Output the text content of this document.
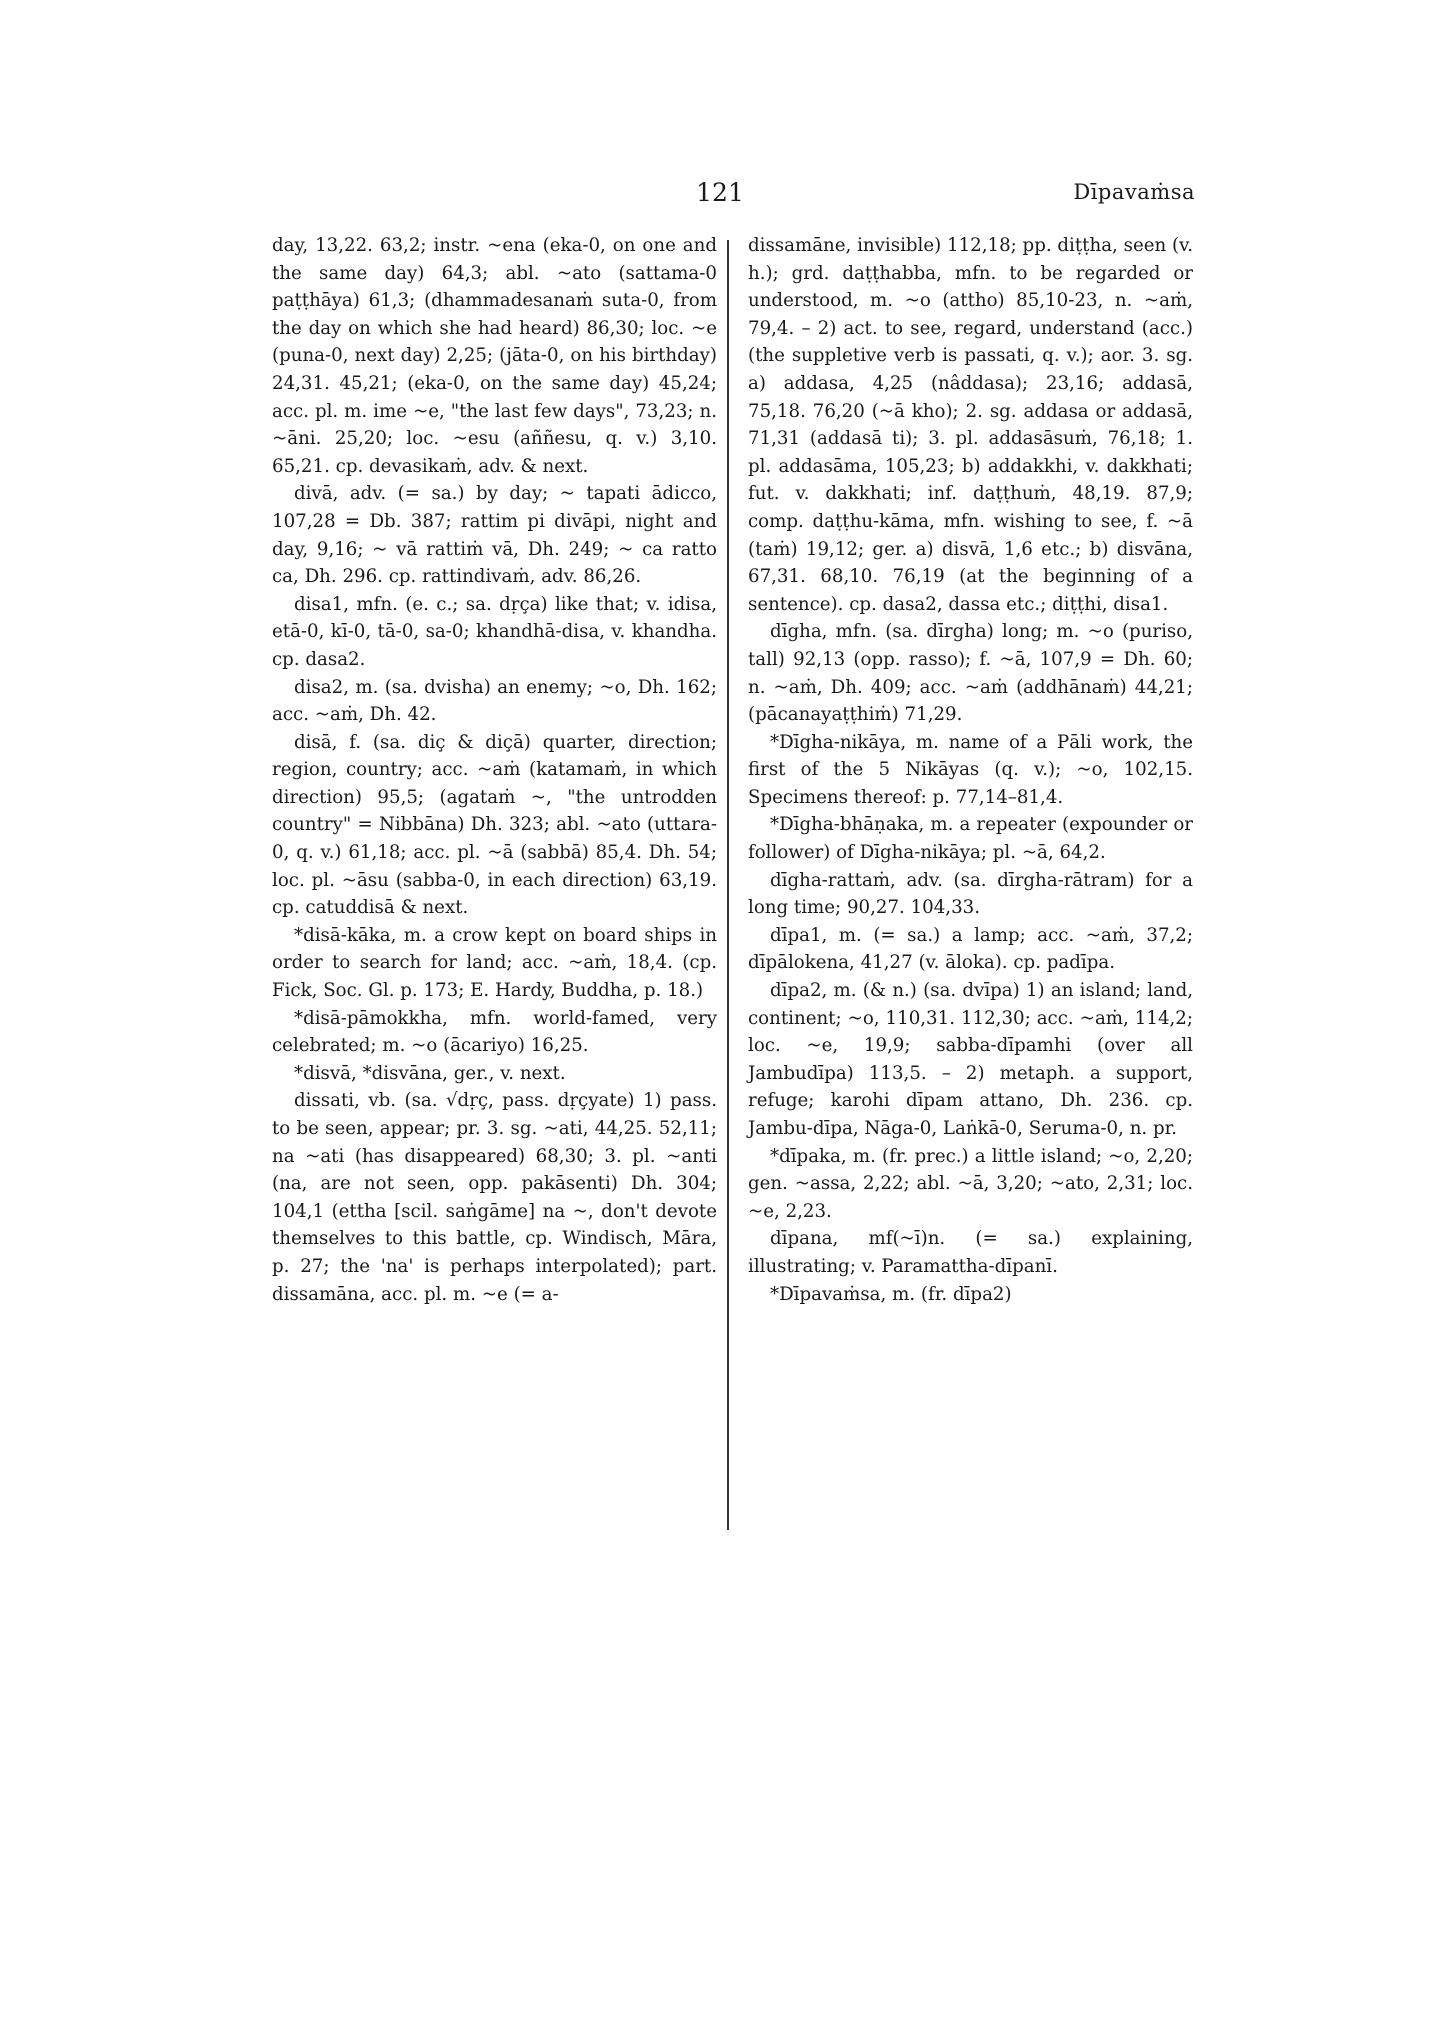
121	Dīpavaṁsa

day, 13,22. 63,2; instr. ~ena (eka-0, on one and the same day) 64,3; abl. ~ato (sattama-0 paṭṭhāya) 61,3; (dhammadesanaṁ suta-0, from the day on which she had heard) 86,30; loc. ~e (puna-0, next day) 2,25; (jāta-0, on his birthday) 24,31. 45,21; (eka-0, on the same day) 45,24; acc. pl. m. ime ~e, "the last few days", 73,23; n. ~āni. 25,20; loc. ~esu (aññesu, q. v.) 3,10. 65,21. cp. devasikaṁ, adv. & next.

divā, adv. (= sa.) by day; ~ tapati ādicco, 107,28 = Db. 387; rattim pi divāpi, night and day, 9,16; ~ vā rattiṁ vā, Dh. 249; ~ ca ratto ca, Dh. 296. cp. rattindivaṁ, adv. 86,26.

disa1, mfn. (e. c.; sa. dṛça) like that; v. idisa, etā-0, kī-0, tā-0, sa-0; khandhā-disa, v. khandha. cp. dasa2.

disa2, m. (sa. dvisha) an enemy; ~o, Dh. 162; acc. ~aṁ, Dh. 42.

disā, f. (sa. diç & diçā) quarter, direction; region, country; acc. ~aṁ (katamaṁ, in which direction) 95,5; (agataṁ ~, "the untrodden country" = Nibbāna) Dh. 323; abl. ~ato (uttara-0, q. v.) 61,18; acc. pl. ~ā (sabbā) 85,4. Dh. 54; loc. pl. ~āsu (sabba-0, in each direction) 63,19. cp. catuddisā & next.

*disā-kāka, m. a crow kept on board ships in order to search for land; acc. ~aṁ, 18,4. (cp. Fick, Soc. Gl. p. 173; E. Hardy, Buddha, p. 18.)

*disā-pāmokkha, mfn. world-famed, very celebrated; m. ~o (ācariyo) 16,25.

*disvā, *disvāna, ger., v. next.

dissati, vb. (sa. √dṛç, pass. dṛçyate) 1) pass. to be seen, appear; pr. 3. sg. ~ati, 44,25. 52,11; na ~ati (has disappeared) 68,30; 3. pl. ~anti (na, are not seen, opp. pakāsenti) Dh. 304; 104,1 (ettha [scil. saṅgāme] na ~, don't devote themselves to this battle, cp. Windisch, Māra, p. 27; the 'na' is perhaps interpolated); part. dissamāna, acc. pl. m. ~e (= a-

dissamāne, invisible) 112,18; pp. diṭṭha, seen (v. h.); grd. daṭṭhabba, mfn. to be regarded or understood, m. ~o (attho) 85,10-23, n. ~aṁ, 79,4. – 2) act. to see, regard, understand (acc.) (the suppletive verb is passati, q. v.); aor. 3. sg. a) addasa, 4,25 (nâddasa); 23,16; addasā, 75,18. 76,20 (~ā kho); 2. sg. addasa or addasā, 71,31 (addasā ti); 3. pl. addasāsuṁ, 76,18; 1. pl. addasāma, 105,23; b) addakkhi, v. dakkhati; fut. v. dakkhati; inf. daṭṭhuṁ, 48,19. 87,9; comp. daṭṭhu-kāma, mfn. wishing to see, f. ~ā (taṁ) 19,12; ger. a) disvā, 1,6 etc.; b) disvāna, 67,31. 68,10. 76,19 (at the beginning of a sentence). cp. dasa2, dassa etc.; diṭṭhi, disa1.

dīgha, mfn. (sa. dīrgha) long; m. ~o (puriso, tall) 92,13 (opp. rasso); f. ~ā, 107,9 = Dh. 60; n. ~aṁ, Dh. 409; acc. ~aṁ (addhānaṁ) 44,21; (pācanayaṭṭhiṁ) 71,29.

*Dīgha-nikāya, m. name of a Pāli work, the first of the 5 Nikāyas (q. v.); ~o, 102,15. Specimens thereof: p. 77,14–81,4.

*Dīgha-bhāṇaka, m. a repeater (expounder or follower) of Dīgha-nikāya; pl. ~ā, 64,2.

dīgha-rattaṁ, adv. (sa. dīrgha-rātram) for a long time; 90,27. 104,33.

dīpa1, m. (= sa.) a lamp; acc. ~aṁ, 37,2; dīpālokena, 41,27 (v. āloka). cp. padīpa.

dīpa2, m. (& n.) (sa. dvīpa) 1) an island; land, continent; ~o, 110,31. 112,30; acc. ~aṁ, 114,2; loc. ~e, 19,9; sabba-dīpamhi (over all Jambudīpa) 113,5. – 2) metaph. a support, refuge; karohi dīpam attano, Dh. 236. cp. Jambu-dīpa, Nāga-0, Laṅkā-0, Seruma-0, n. pr.

*dīpaka, m. (fr. prec.) a little island; ~o, 2,20; gen. ~assa, 2,22; abl. ~ā, 3,20; ~ato, 2,31; loc. ~e, 2,23.

dīpana, mf(~ī)n. (= sa.) explaining, illustrating; v. Paramattha-dīpanī.

*Dīpavaṁsa, m. (fr. dīpa2)
